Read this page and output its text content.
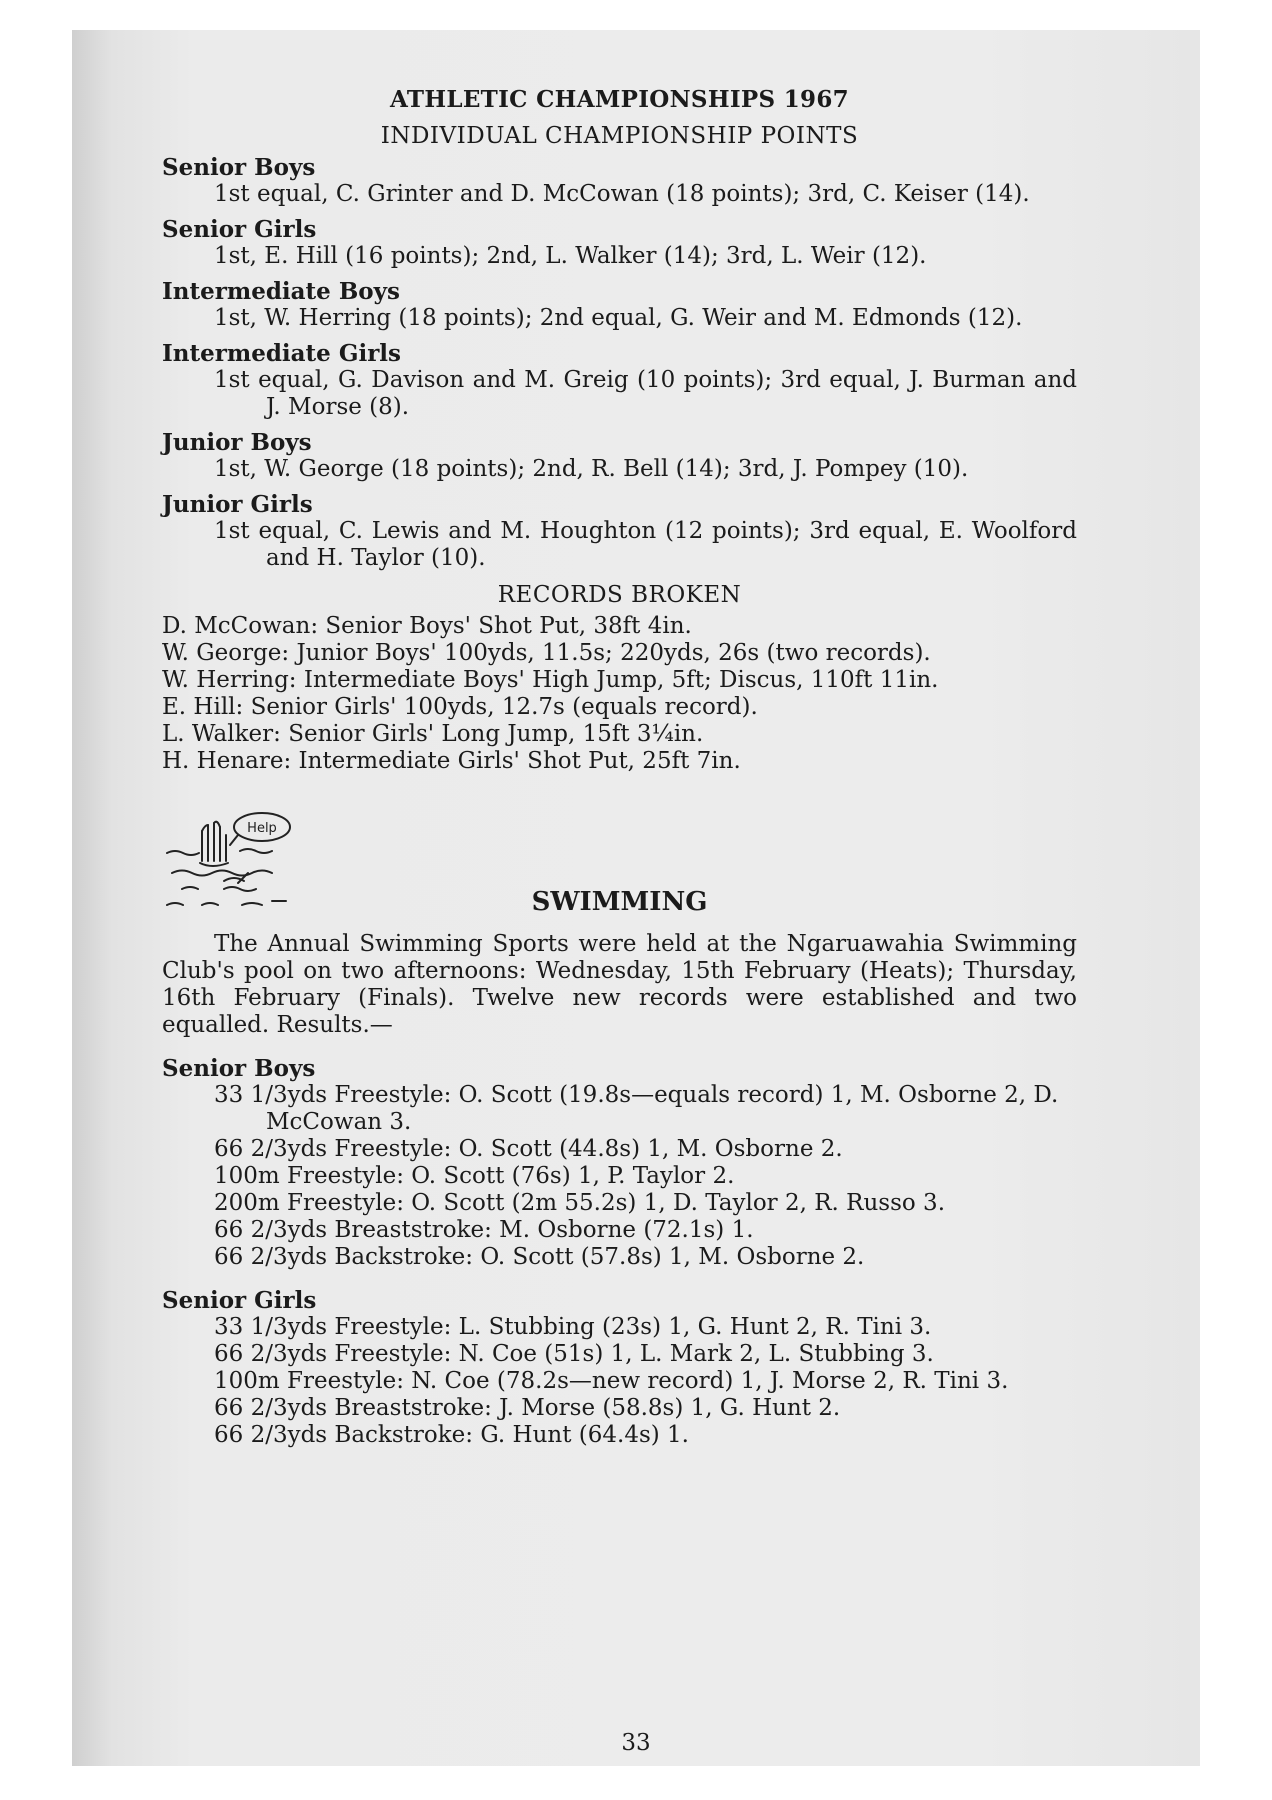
ATHLETIC CHAMPIONSHIPS 1967
INDIVIDUAL CHAMPIONSHIP POINTS
Senior Boys
1st equal, C. Grinter and D. McCowan (18 points); 3rd, C. Keiser (14).
Senior Girls
1st, E. Hill (16 points); 2nd, L. Walker (14); 3rd, L. Weir (12).
Intermediate Boys
1st, W. Herring (18 points); 2nd equal, G. Weir and M. Edmonds (12).
Intermediate Girls
1st equal, G. Davison and M. Greig (10 points); 3rd equal, J. Burman and J. Morse (8).
Junior Boys
1st, W. George (18 points); 2nd, R. Bell (14); 3rd, J. Pompey (10).
Junior Girls
1st equal, C. Lewis and M. Houghton (12 points); 3rd equal, E. Woolford and H. Taylor (10).
RECORDS BROKEN
D. McCowan: Senior Boys' Shot Put, 38ft 4in.
W. George: Junior Boys' 100yds, 11.5s; 220yds, 26s (two records).
W. Herring: Intermediate Boys' High Jump, 5ft; Discus, 110ft 11in.
E. Hill: Senior Girls' 100yds, 12.7s (equals record).
L. Walker: Senior Girls' Long Jump, 15ft 3¼in.
H. Henare: Intermediate Girls' Shot Put, 25ft 7in.
Help
SWIMMING
The Annual Swimming Sports were held at the Ngaruawahia Swimming Club's pool on two afternoons: Wednesday, 15th February (Heats); Thursday, 16th February (Finals). Twelve new records were established and two equalled. Results.—
Senior Boys
33 1/3yds Freestyle: O. Scott (19.8s—equals record) 1, M. Osborne 2, D. McCowan 3.
66 2/3yds Freestyle: O. Scott (44.8s) 1, M. Osborne 2.
100m Freestyle: O. Scott (76s) 1, P. Taylor 2.
200m Freestyle: O. Scott (2m 55.2s) 1, D. Taylor 2, R. Russo 3.
66 2/3yds Breaststroke: M. Osborne (72.1s) 1.
66 2/3yds Backstroke: O. Scott (57.8s) 1, M. Osborne 2.
Senior Girls
33 1/3yds Freestyle: L. Stubbing (23s) 1, G. Hunt 2, R. Tini 3.
66 2/3yds Freestyle: N. Coe (51s) 1, L. Mark 2, L. Stubbing 3.
100m Freestyle: N. Coe (78.2s—new record) 1, J. Morse 2, R. Tini 3.
66 2/3yds Breaststroke: J. Morse (58.8s) 1, G. Hunt 2.
66 2/3yds Backstroke: G. Hunt (64.4s) 1.
33
